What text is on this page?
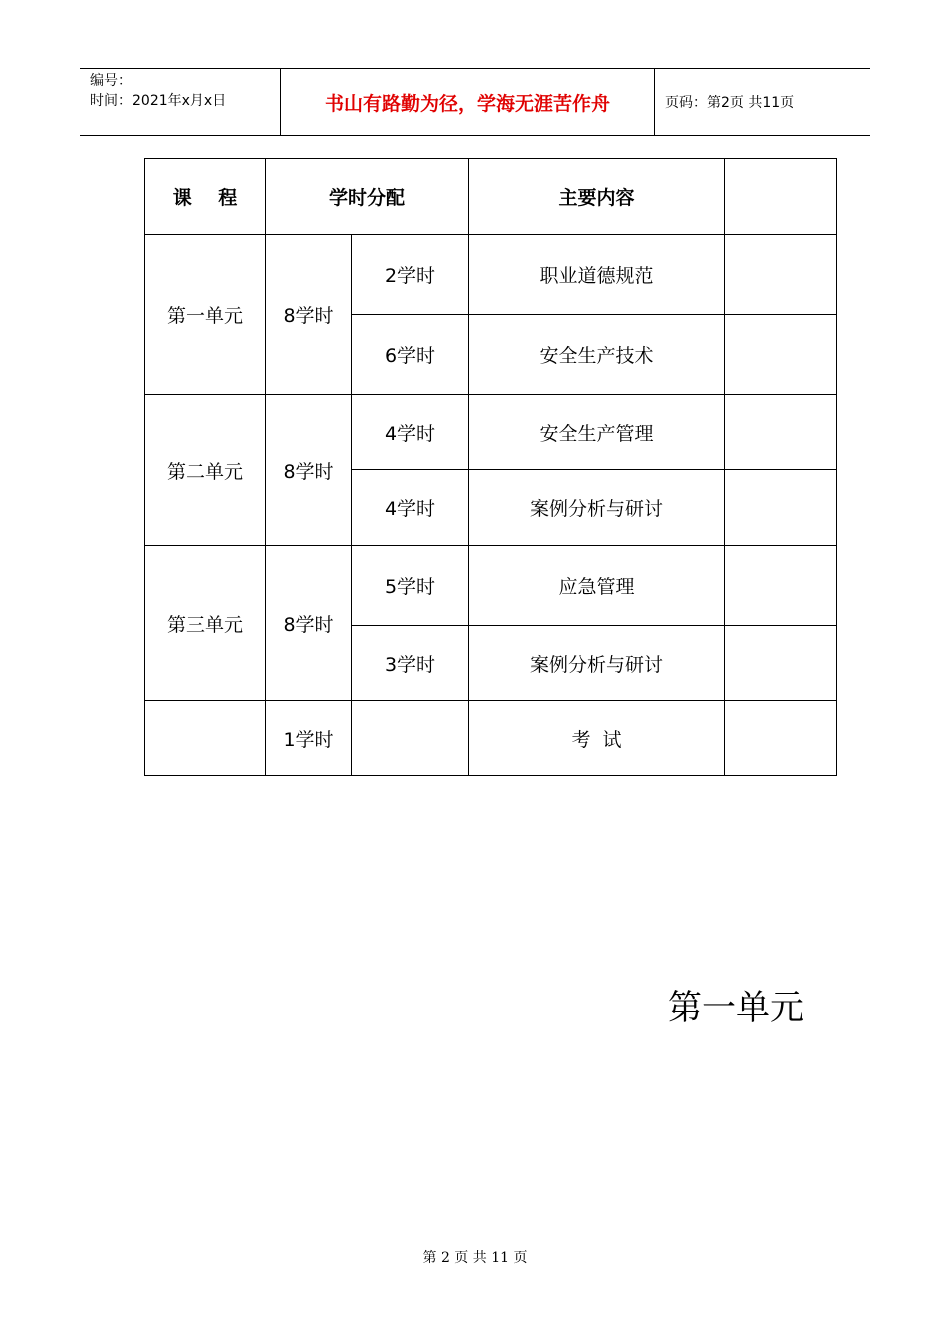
编号：
时间：2021年x月x日	书山有路勤为径，学海无涯苦作舟	页码：第2页 共11页
课    程	学时分配		主要内容	
第一单元	8学时	2学时	职业道德规范	
		6学时	安全生产技术	
第二单元	8学时	4学时	安全生产管理	
		4学时	案例分析与研讨	
第三单元	8学时	5学时	应急管理	
		3学时	案例分析与研讨	
	1学时		考  试	
第一单元
第 2 页 共 11 页
